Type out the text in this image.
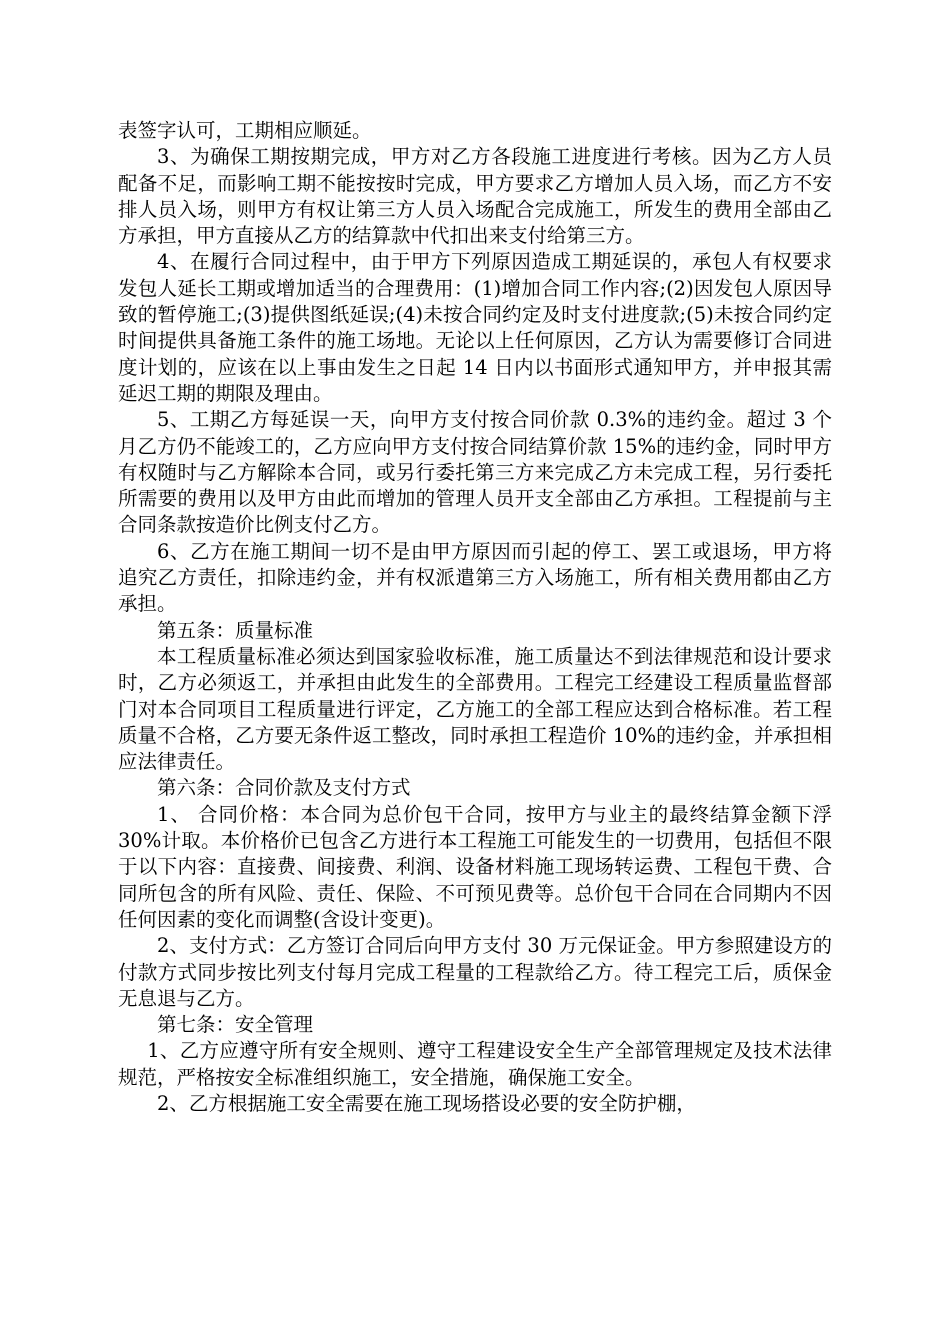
表签字认可，工期相应顺延。

3、为确保工期按期完成，甲方对乙方各段施工进度进行考核。因为乙方人员配备不足，而影响工期不能按按时完成，甲方要求乙方增加人员入场，而乙方不安排人员入场，则甲方有权让第三方人员入场配合完成施工，所发生的费用全部由乙方承担，甲方直接从乙方的结算款中代扣出来支付给第三方。

4、在履行合同过程中，由于甲方下列原因造成工期延误的，承包人有权要求发包人延长工期或增加适当的合理费用：(1)增加合同工作内容;(2)因发包人原因导致的暂停施工;(3)提供图纸延误;(4)未按合同约定及时支付进度款;(5)未按合同约定时间提供具备施工条件的施工场地。无论以上任何原因，乙方认为需要修订合同进度计划的，应该在以上事由发生之日起 14 日内以书面形式通知甲方，并申报其需延迟工期的期限及理由。

5、工期乙方每延误一天，向甲方支付按合同价款 0.3%的违约金。超过 3 个月乙方仍不能竣工的，乙方应向甲方支付按合同结算价款 15%的违约金，同时甲方有权随时与乙方解除本合同，或另行委托第三方来完成乙方未完成工程，另行委托所需要的费用以及甲方由此而增加的管理人员开支全部由乙方承担。工程提前与主合同条款按造价比例支付乙方。

6、乙方在施工期间一切不是由甲方原因而引起的停工、罢工或退场，甲方将追究乙方责任，扣除违约金，并有权派遣第三方入场施工，所有相关费用都由乙方承担。

第五条：质量标准

本工程质量标准必须达到国家验收标准，施工质量达不到法律规范和设计要求时，乙方必须返工，并承担由此发生的全部费用。工程完工经建设工程质量监督部门对本合同项目工程质量进行评定，乙方施工的全部工程应达到合格标准。若工程质量不合格，乙方要无条件返工整改，同时承担工程造价 10%的违约金，并承担相应法律责任。

第六条：合同价款及支付方式

1、 合同价格：本合同为总价包干合同，按甲方与业主的最终结算金额下浮 30%计取。本价格价已包含乙方进行本工程施工可能发生的一切费用，包括但不限于以下内容：直接费、间接费、利润、设备材料施工现场转运费、工程包干费、合同所包含的所有风险、责任、保险、不可预见费等。总价包干合同在合同期内不因任何因素的变化而调整(含设计变更)。

2、支付方式：乙方签订合同后向甲方支付 30 万元保证金。甲方参照建设方的付款方式同步按比列支付每月完成工程量的工程款给乙方。待工程完工后，质保金无息退与乙方。

第七条：安全管理

1、乙方应遵守所有安全规则、遵守工程建设安全生产全部管理规定及技术法律规范，严格按安全标准组织施工，安全措施，确保施工安全。

2、乙方根据施工安全需要在施工现场搭设必要的安全防护棚，
